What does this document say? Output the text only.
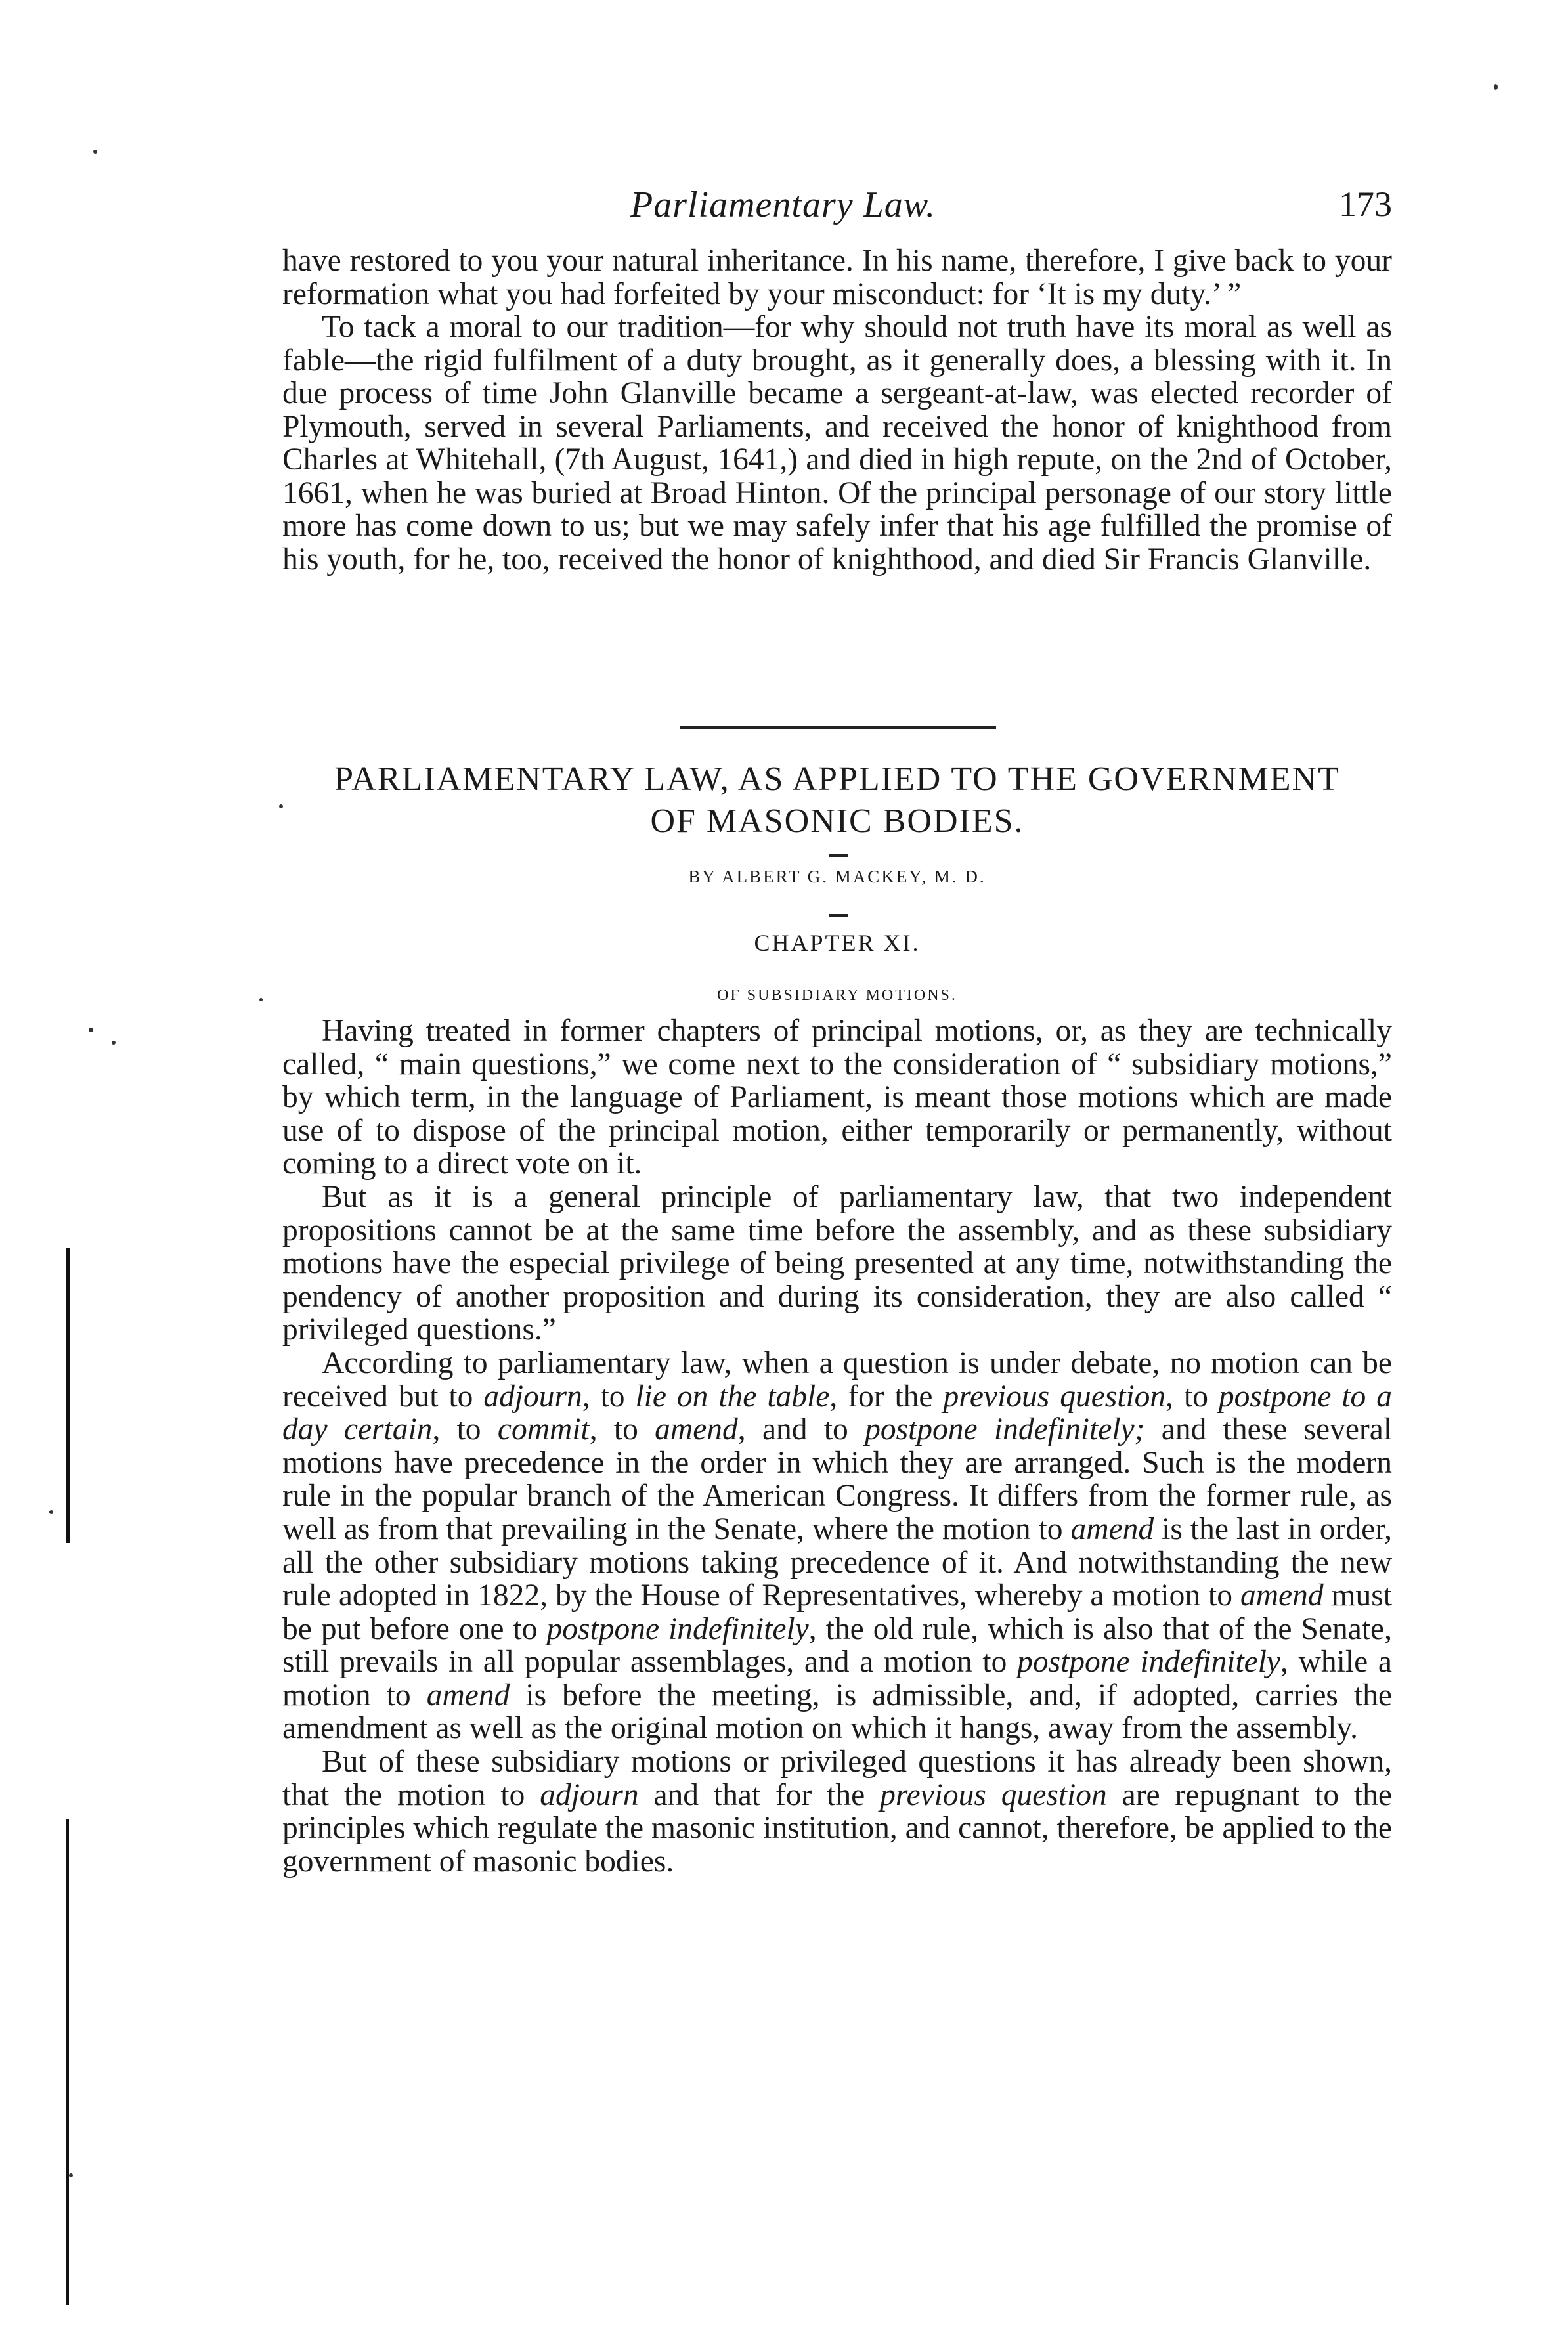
Parliamentary Law.	173

have restored to you your natural inheritance. In his name, therefore, I give back to your reformation what you had forfeited by your misconduct: for ‘It is my duty.’ ”

To tack a moral to our tradition—for why should not truth have its moral as well as fable—the rigid fulfilment of a duty brought, as it generally does, a blessing with it. In due process of time John Glanville became a sergeant-at-law, was elected recorder of Plymouth, served in several Parliaments, and received the honor of knighthood from Charles at Whitehall, (7th August, 1641,) and died in high repute, on the 2nd of October, 1661, when he was buried at Broad Hinton. Of the principal personage of our story little more has come down to us; but we may safely infer that his age fulfilled the promise of his youth, for he, too, received the honor of knighthood, and died Sir Francis Glanville.

PARLIAMENTARY LAW, AS APPLIED TO THE GOVERNMENT
OF MASONIC BODIES.
BY ALBERT G. MACKEY, M. D.
CHAPTER XI.
OF SUBSIDIARY MOTIONS.

Having treated in former chapters of principal motions, or, as they are technically called, “ main questions,” we come next to the consideration of “ subsidiary motions,” by which term, in the language of Parliament, is meant those motions which are made use of to dispose of the principal motion, either temporarily or permanently, without coming to a direct vote on it.

But as it is a general principle of parliamentary law, that two independent propositions cannot be at the same time before the assembly, and as these subsidiary motions have the especial privilege of being presented at any time, notwithstanding the pendency of another proposition and during its consideration, they are also called “ privileged questions.”

According to parliamentary law, when a question is under debate, no motion can be received but to adjourn, to lie on the table, for the previous question, to postpone to a day certain, to commit, to amend, and to postpone indefinitely; and these several motions have precedence in the order in which they are arranged. Such is the modern rule in the popular branch of the American Congress. It differs from the former rule, as well as from that prevailing in the Senate, where the motion to amend is the last in order, all the other subsidiary motions taking precedence of it. And notwithstanding the new rule adopted in 1822, by the House of Representatives, whereby a motion to amend must be put before one to postpone indefinitely, the old rule, which is also that of the Senate, still prevails in all popular assemblages, and a motion to postpone indefinitely, while a motion to amend is before the meeting, is admissible, and, if adopted, carries the amendment as well as the original motion on which it hangs, away from the assembly.

But of these subsidiary motions or privileged questions it has already been shown, that the motion to adjourn and that for the previous question are repugnant to the principles which regulate the masonic institution, and cannot, therefore, be applied to the government of masonic bodies.
